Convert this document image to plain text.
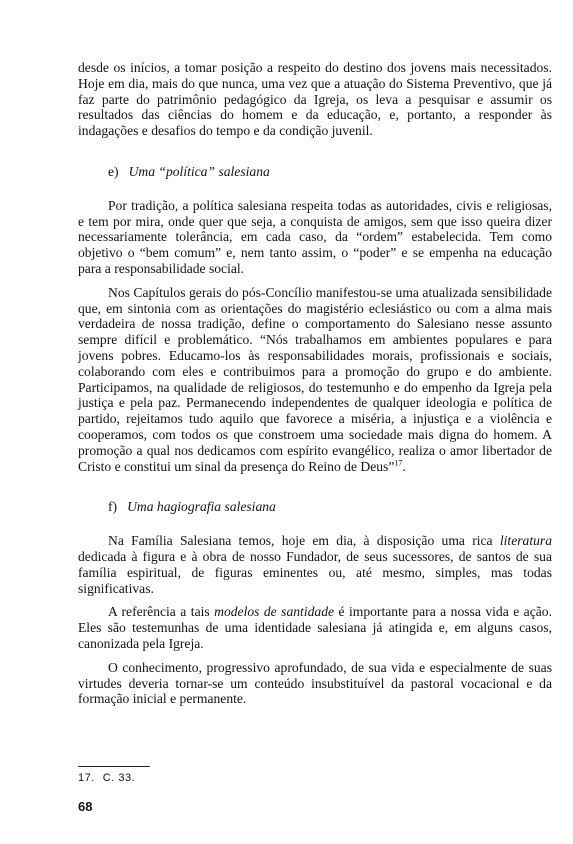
desde os inícios, a tomar posição a respeito do destino dos jovens mais necessitados. Hoje em dia, mais do que nunca, uma vez que a atuação do Sistema Preventivo, que já faz parte do patrimônio pedagógico da Igreja, os leva a pesquisar e assumir os resultados das ciências do homem e da educação, e, portanto, a responder às indagações e desafios do tempo e da condição juvenil.

e) Uma “política” salesiana

Por tradição, a política salesiana respeita todas as autoridades, civis e religiosas, e tem por mira, onde quer que seja, a conquista de amigos, sem que isso queira dizer necessariamente tolerância, em cada caso, da “ordem” estabelecida. Tem como objetivo o “bem comum” e, nem tanto assim, o “poder” e se empenha na educação para a responsabilidade social.

Nos Capítulos gerais do pós-Concílio manifestou-se uma atualizada sensibilidade que, em sintonia com as orientações do magistério eclesiástico ou com a alma mais verdadeira de nossa tradição, define o comportamento do Salesiano nesse assunto sempre difícil e problemático. “Nós trabalhamos em ambientes populares e para jovens pobres. Educamo-los às responsabilidades morais, profissionais e sociais, colaborando com eles e contribuimos para a promoção do grupo e do ambiente. Participamos, na qualidade de religiosos, do testemunho e do empenho da Igreja pela justiça e pela paz. Permanecendo independentes de qualquer ideologia e política de partido, rejeitamos tudo aquilo que favorece a miséria, a injustiça e a violência e cooperamos, com todos os que constroem uma sociedade mais digna do homem. A promoção a qual nos dedicamos com espírito evangélico, realiza o amor libertador de Cristo e constitui um sinal da presença do Reino de Deus”$^{17}$.

f) Uma hagiografia salesiana

Na Família Salesiana temos, hoje em dia, à disposição uma rica literatura dedicada à figura e à obra de nosso Fundador, de seus sucessores, de santos de sua família espiritual, de figuras eminentes ou, até mesmo, simples, mas todas significativas.

A referência a tais modelos de santidade é importante para a nossa vida e ação. Eles são testemunhas de uma identidade salesiana já atingida e, em alguns casos, canonizada pela Igreja.

O conhecimento, progressivo aprofundado, de sua vida e especialmente de suas virtudes deveria tornar-se um conteúdo insubstituível da pastoral vocacional e da formação inicial e permanente.

17. C. 33.
68
